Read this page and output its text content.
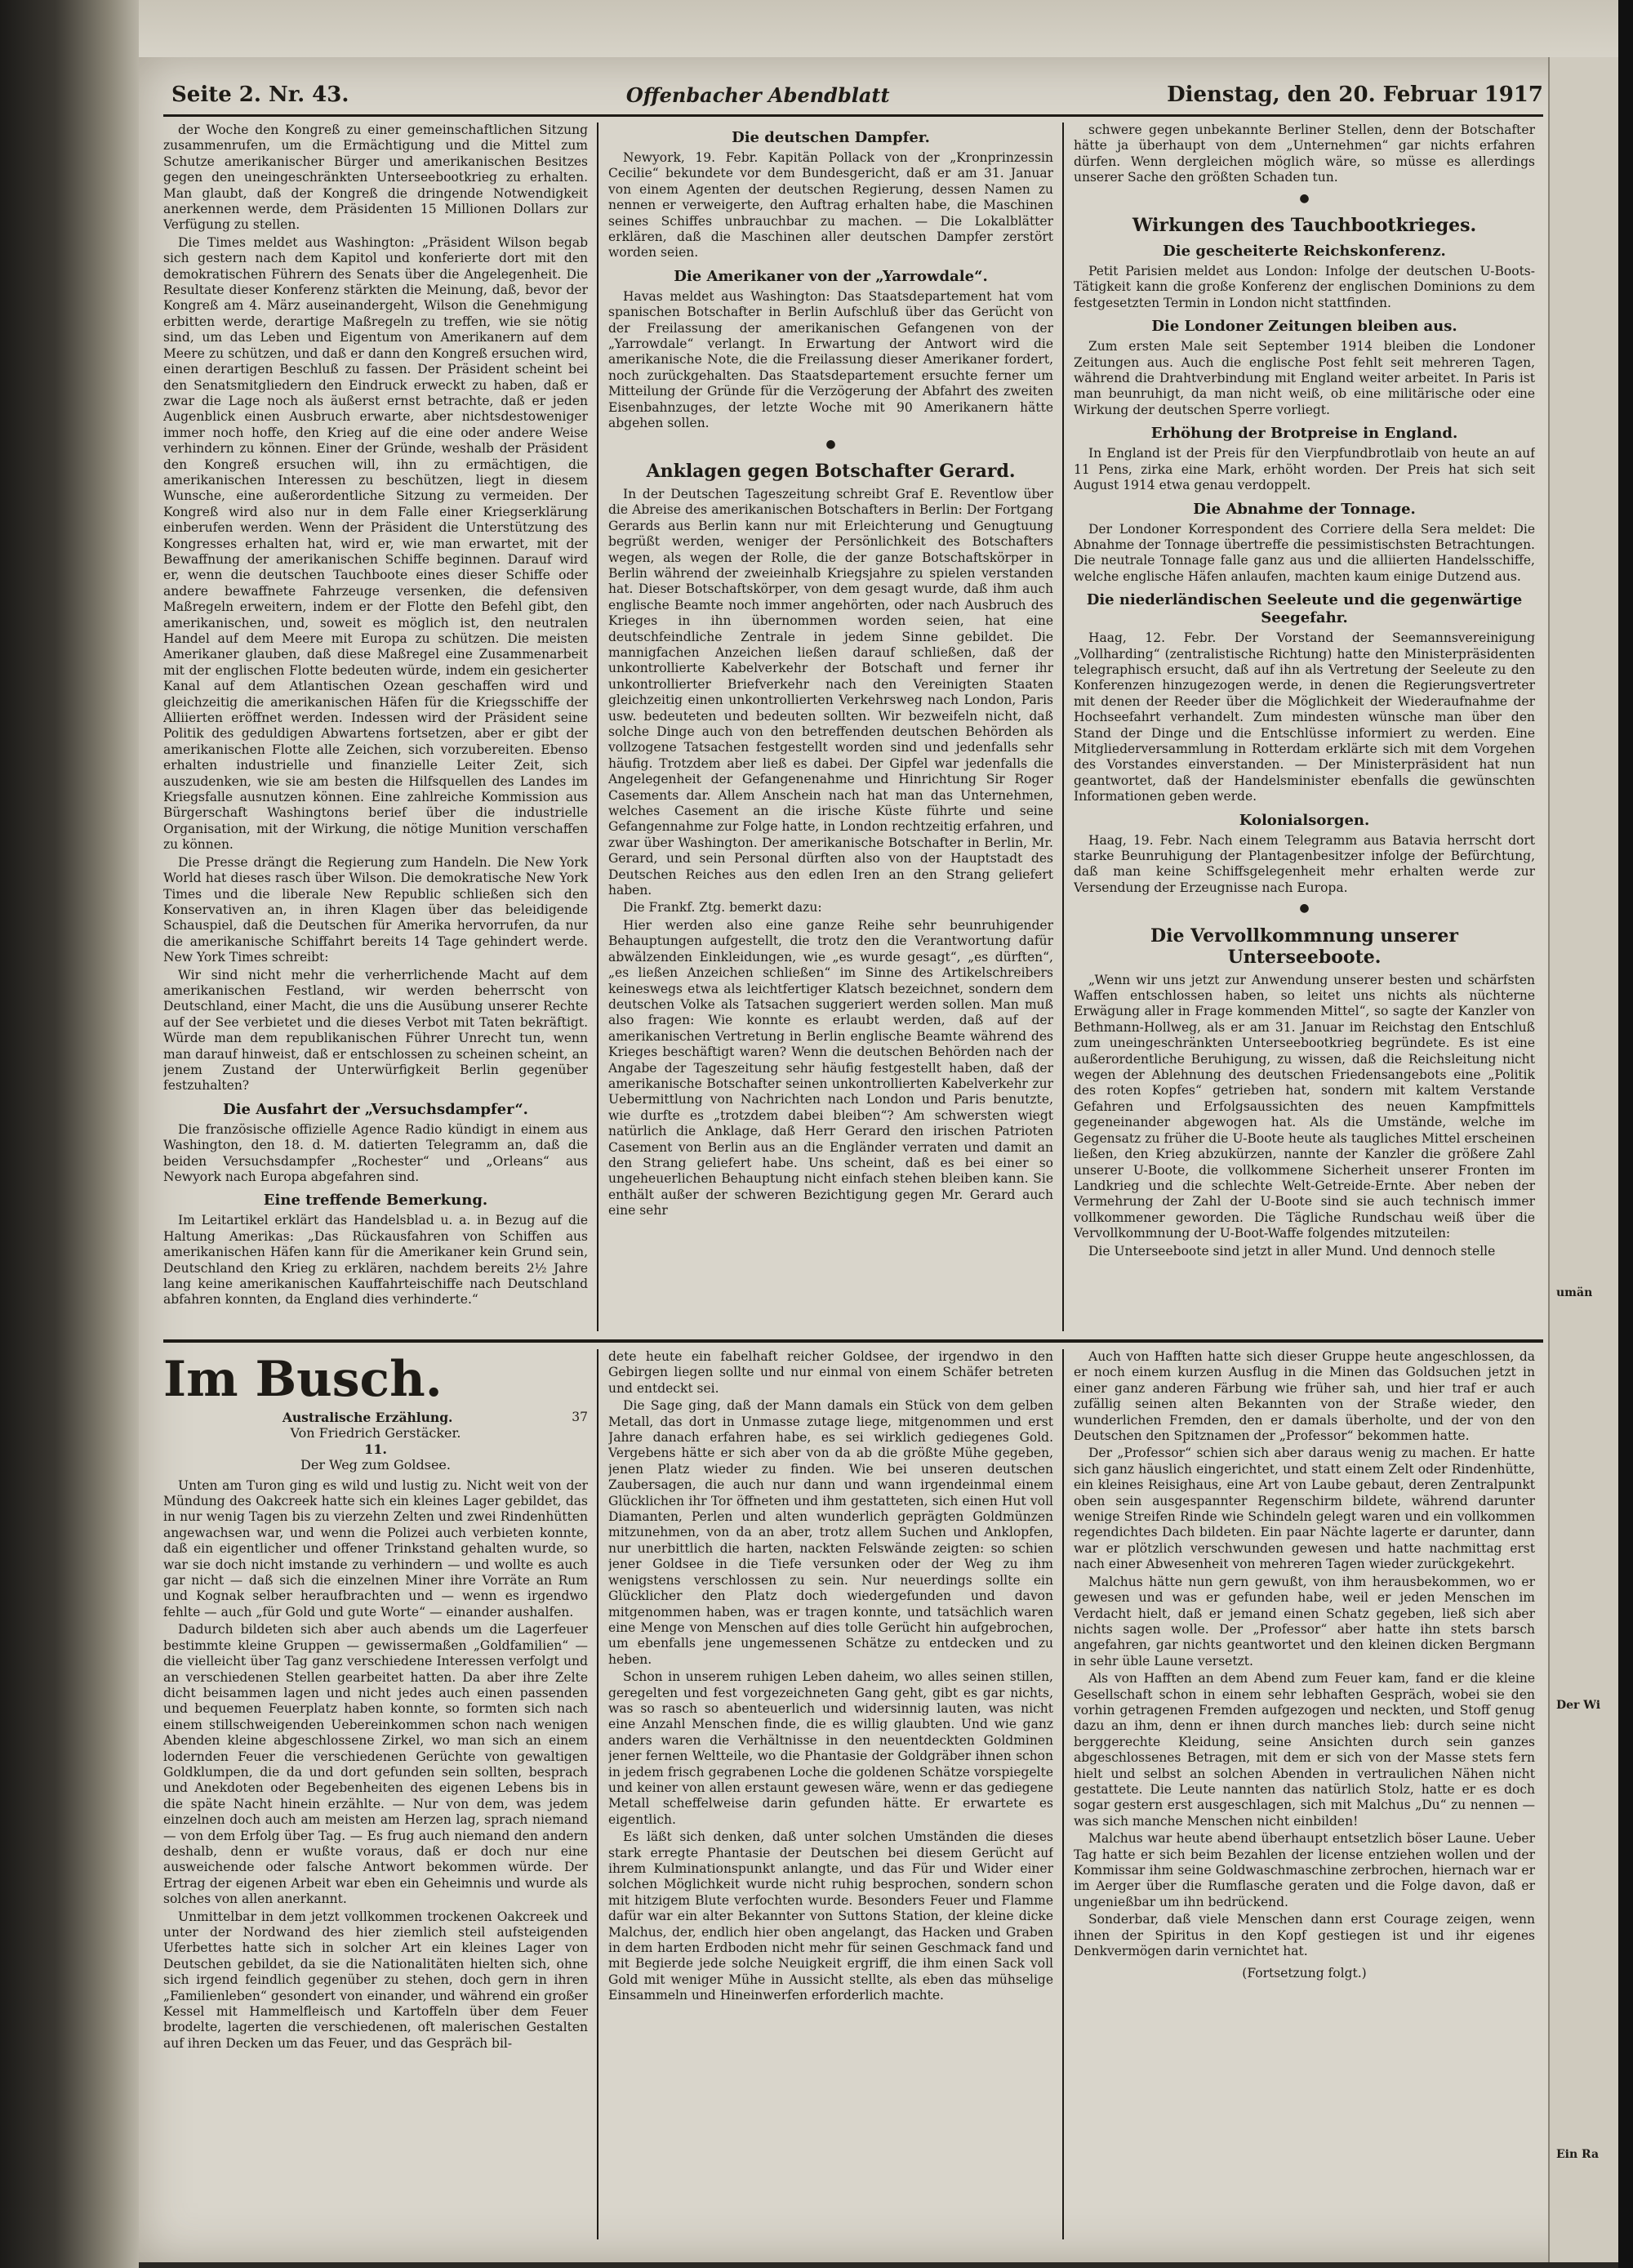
Seite 2. Nr. 43.	Offenbacher Abendblatt	Dienstag, den 20. Februar 1917

der Woche den Kongreß zu einer gemeinschaftlichen Sitzung zusammenrufen, um die Ermächtigung und die Mittel zum Schutze amerikanischer Bürger und amerikanischen Besitzes gegen den uneingeschränkten Unterseebootkrieg zu erhalten. Man glaubt, daß der Kongreß die dringende Notwendigkeit anerkennen werde, dem Präsidenten 15 Millionen Dollars zur Verfügung zu stellen.

Die Times meldet aus Washington: „Präsident Wilson begab sich gestern nach dem Kapitol und konferierte dort mit den demokratischen Führern des Senats über die Angelegenheit. Die Resultate dieser Konferenz stärkten die Meinung, daß, bevor der Kongreß am 4. März auseinandergeht, Wilson die Genehmigung erbitten werde, derartige Maßregeln zu treffen, wie sie nötig sind, um das Leben und Eigentum von Amerikanern auf dem Meere zu schützen, und daß er dann den Kongreß ersuchen wird, einen derartigen Beschluß zu fassen. Der Präsident scheint bei den Senatsmitgliedern den Eindruck erweckt zu haben, daß er zwar die Lage noch als äußerst ernst betrachte, daß er jeden Augenblick einen Ausbruch erwarte, aber nichtsdestoweniger immer noch hoffe, den Krieg auf die eine oder andere Weise verhindern zu können. Einer der Gründe, weshalb der Präsident den Kongreß ersuchen will, ihn zu ermächtigen, die amerikanischen Interessen zu beschützen, liegt in diesem Wunsche, eine außerordentliche Sitzung zu vermeiden. Der Kongreß wird also nur in dem Falle einer Kriegserklärung einberufen werden. Wenn der Präsident die Unterstützung des Kongresses erhalten hat, wird er, wie man erwartet, mit der Bewaffnung der amerikanischen Schiffe beginnen. Darauf wird er, wenn die deutschen Tauchboote eines dieser Schiffe oder andere bewaffnete Fahrzeuge versenken, die defensiven Maßregeln erweitern, indem er der Flotte den Befehl gibt, den amerikanischen, und, soweit es möglich ist, den neutralen Handel auf dem Meere mit Europa zu schützen. Die meisten Amerikaner glauben, daß diese Maßregel eine Zusammenarbeit mit der englischen Flotte bedeuten würde, indem ein gesicherter Kanal auf dem Atlantischen Ozean geschaffen wird und gleichzeitig die amerikanischen Häfen für die Kriegsschiffe der Alliierten eröffnet werden. Indessen wird der Präsident seine Politik des geduldigen Abwartens fortsetzen, aber er gibt der amerikanischen Flotte alle Zeichen, sich vorzubereiten. Ebenso erhalten industrielle und finanzielle Leiter Zeit, sich auszudenken, wie sie am besten die Hilfsquellen des Landes im Kriegsfalle ausnutzen können. Eine zahlreiche Kommission aus Bürgerschaft Washingtons berief über die industrielle Organisation, mit der Wirkung, die nötige Munition verschaffen zu können.

Die Presse drängt die Regierung zum Handeln. Die New York World hat dieses rasch über Wilson. Die demokratische New York Times und die liberale New Republic schließen sich den Konservativen an, in ihren Klagen über das beleidigende Schauspiel, daß die Deutschen für Amerika hervorrufen, da nur die amerikanische Schiffahrt bereits 14 Tage gehindert werde. New York Times schreibt:

Wir sind nicht mehr die verherrlichende Macht auf dem amerikanischen Festland, wir werden beherrscht von Deutschland, einer Macht, die uns die Ausübung unserer Rechte auf der See verbietet und die dieses Verbot mit Taten bekräftigt. Würde man dem republikanischen Führer Unrecht tun, wenn man darauf hinweist, daß er entschlossen zu scheinen scheint, an jenem Zustand der Unterwürfigkeit Berlin gegenüber festzuhalten?

Die Ausfahrt der „Versuchsdampfer“.

Die französische offizielle Agence Radio kündigt in einem aus Washington, den 18. d. M. datierten Telegramm an, daß die beiden Versuchsdampfer „Rochester“ und „Orleans“ aus Newyork nach Europa abgefahren sind.

Eine treffende Bemerkung.

Im Leitartikel erklärt das Handelsblad u. a. in Bezug auf die Haltung Amerikas: „Das Rückausfahren von Schiffen aus amerikanischen Häfen kann für die Amerikaner kein Grund sein, Deutschland den Krieg zu erklären, nachdem bereits 2½ Jahre lang keine amerikanischen Kauffahrteischiffe nach Deutschland abfahren konnten, da England dies verhinderte.“

Die deutschen Dampfer.

Newyork, 19. Febr. Kapitän Pollack von der „Kronprinzessin Cecilie“ bekundete vor dem Bundesgericht, daß er am 31. Januar von einem Agenten der deutschen Regierung, dessen Namen zu nennen er verweigerte, den Auftrag erhalten habe, die Maschinen seines Schiffes unbrauchbar zu machen. — Die Lokalblätter erklären, daß die Maschinen aller deutschen Dampfer zerstört worden seien.

Die Amerikaner von der „Yarrowdale“.

Havas meldet aus Washington: Das Staatsdepartement hat vom spanischen Botschafter in Berlin Aufschluß über das Gerücht von der Freilassung der amerikanischen Gefangenen von der „Yarrowdale“ verlangt. In Erwartung der Antwort wird die amerikanische Note, die die Freilassung dieser Amerikaner fordert, noch zurückgehalten. Das Staatsdepartement ersuchte ferner um Mitteilung der Gründe für die Verzögerung der Abfahrt des zweiten Eisenbahnzuges, der letzte Woche mit 90 Amerikanern hätte abgehen sollen.

●
Anklagen gegen Botschafter Gerard.

In der Deutschen Tageszeitung schreibt Graf E. Reventlow über die Abreise des amerikanischen Botschafters in Berlin: Der Fortgang Gerards aus Berlin kann nur mit Erleichterung und Genugtuung begrüßt werden, weniger der Persönlichkeit des Botschafters wegen, als wegen der Rolle, die der ganze Botschaftskörper in Berlin während der zweieinhalb Kriegsjahre zu spielen verstanden hat. Dieser Botschaftskörper, von dem gesagt wurde, daß ihm auch englische Beamte noch immer angehörten, oder nach Ausbruch des Krieges in ihn übernommen worden seien, hat eine deutschfeindliche Zentrale in jedem Sinne gebildet. Die mannigfachen Anzeichen ließen darauf schließen, daß der unkontrollierte Kabelverkehr der Botschaft und ferner ihr unkontrollierter Briefverkehr nach den Vereinigten Staaten gleichzeitig einen unkontrollierten Verkehrsweg nach London, Paris usw. bedeuteten und bedeuten sollten. Wir bezweifeln nicht, daß solche Dinge auch von den betreffenden deutschen Behörden als vollzogene Tatsachen festgestellt worden sind und jedenfalls sehr häufig. Trotzdem aber ließ es dabei. Der Gipfel war jedenfalls die Angelegenheit der Gefangenenahme und Hinrichtung Sir Roger Casements dar. Allem Anschein nach hat man das Unternehmen, welches Casement an die irische Küste führte und seine Gefangennahme zur Folge hatte, in London rechtzeitig erfahren, und zwar über Washington. Der amerikanische Botschafter in Berlin, Mr. Gerard, und sein Personal dürften also von der Hauptstadt des Deutschen Reiches aus den edlen Iren an den Strang geliefert haben.

Die Frankf. Ztg. bemerkt dazu:

Hier werden also eine ganze Reihe sehr beunruhigender Behauptungen aufgestellt, die trotz den die Verantwortung dafür abwälzenden Einkleidungen, wie „es wurde gesagt“, „es dürften“, „es ließen Anzeichen schließen“ im Sinne des Artikelschreibers keineswegs etwa als leichtfertiger Klatsch bezeichnet, sondern dem deutschen Volke als Tatsachen suggeriert werden sollen. Man muß also fragen: Wie konnte es erlaubt werden, daß auf der amerikanischen Vertretung in Berlin englische Beamte während des Krieges beschäftigt waren? Wenn die deutschen Behörden nach der Angabe der Tageszeitung sehr häufig festgestellt haben, daß der amerikanische Botschafter seinen unkontrollierten Kabelverkehr zur Uebermittlung von Nachrichten nach London und Paris benutzte, wie durfte es „trotzdem dabei bleiben“? Am schwersten wiegt natürlich die Anklage, daß Herr Gerard den irischen Patrioten Casement von Berlin aus an die Engländer verraten und damit an den Strang geliefert habe. Uns scheint, daß es bei einer so ungeheuerlichen Behauptung nicht einfach stehen bleiben kann. Sie enthält außer der schweren Bezichtigung gegen Mr. Gerard auch eine sehr

schwere gegen unbekannte Berliner Stellen, denn der Botschafter hätte ja überhaupt von dem „Unternehmen“ gar nichts erfahren dürfen. Wenn dergleichen möglich wäre, so müsse es allerdings unserer Sache den größten Schaden tun.

●
Wirkungen des Tauchbootkrieges.
Die gescheiterte Reichskonferenz.

Petit Parisien meldet aus London: Infolge der deutschen U-Boots-Tätigkeit kann die große Konferenz der englischen Dominions zu dem festgesetzten Termin in London nicht stattfinden.

Die Londoner Zeitungen bleiben aus.

Zum ersten Male seit September 1914 bleiben die Londoner Zeitungen aus. Auch die englische Post fehlt seit mehreren Tagen, während die Drahtverbindung mit England weiter arbeitet. In Paris ist man beunruhigt, da man nicht weiß, ob eine militärische oder eine Wirkung der deutschen Sperre vorliegt.

Erhöhung der Brotpreise in England.

In England ist der Preis für den Vierpfundbrotlaib von heute an auf 11 Pens, zirka eine Mark, erhöht worden. Der Preis hat sich seit August 1914 etwa genau verdoppelt.

Die Abnahme der Tonnage.

Der Londoner Korrespondent des Corriere della Sera meldet: Die Abnahme der Tonnage übertreffe die pessimistischsten Betrachtungen. Die neutrale Tonnage falle ganz aus und die alliierten Handelsschiffe, welche englische Häfen anlaufen, machten kaum einige Dutzend aus.

Die niederländischen Seeleute und die gegenwärtige Seegefahr.

Haag, 12. Febr. Der Vorstand der Seemannsvereinigung „Vollharding“ (zentralistische Richtung) hatte den Ministerpräsidenten telegraphisch ersucht, daß auf ihn als Vertretung der Seeleute zu den Konferenzen hinzugezogen werde, in denen die Regierungsvertreter mit denen der Reeder über die Möglichkeit der Wiederaufnahme der Hochseefahrt verhandelt. Zum mindesten wünsche man über den Stand der Dinge und die Entschlüsse informiert zu werden. Eine Mitgliederversammlung in Rotterdam erklärte sich mit dem Vorgehen des Vorstandes einverstanden. — Der Ministerpräsident hat nun geantwortet, daß der Handelsminister ebenfalls die gewünschten Informationen geben werde.

Kolonialsorgen.

Haag, 19. Febr. Nach einem Telegramm aus Batavia herrscht dort starke Beunruhigung der Plantagenbesitzer infolge der Befürchtung, daß man keine Schiffsgelegenheit mehr erhalten werde zur Versendung der Erzeugnisse nach Europa.

●
Die Vervollkommnung unserer Unterseeboote.

„Wenn wir uns jetzt zur Anwendung unserer besten und schärfsten Waffen entschlossen haben, so leitet uns nichts als nüchterne Erwägung aller in Frage kommenden Mittel“, so sagte der Kanzler von Bethmann-Hollweg, als er am 31. Januar im Reichstag den Entschluß zum uneingeschränkten Unterseebootkrieg begründete. Es ist eine außerordentliche Beruhigung, zu wissen, daß die Reichsleitung nicht wegen der Ablehnung des deutschen Friedensangebots eine „Politik des roten Kopfes“ getrieben hat, sondern mit kaltem Verstande Gefahren und Erfolgsaussichten des neuen Kampfmittels gegeneinander abgewogen hat. Als die Umstände, welche im Gegensatz zu früher die U-Boote heute als taugliches Mittel erscheinen ließen, den Krieg abzukürzen, nannte der Kanzler die größere Zahl unserer U-Boote, die vollkommene Sicherheit unserer Fronten im Landkrieg und die schlechte Welt-Getreide-Ernte. Aber neben der Vermehrung der Zahl der U-Boote sind sie auch technisch immer vollkommener geworden. Die Tägliche Rundschau weiß über die Vervollkommnung der U-Boot-Waffe folgendes mitzuteilen:

Die Unterseeboote sind jetzt in aller Mund. Und dennoch stelle

Im Busch.
Australische Erzählung.	37
Von Friedrich Gerstäcker.
11.
Der Weg zum Goldsee.

Unten am Turon ging es wild und lustig zu. Nicht weit von der Mündung des Oakcreek hatte sich ein kleines Lager gebildet, das in nur wenig Tagen bis zu vierzehn Zelten und zwei Rindenhütten angewachsen war, und wenn die Polizei auch verbieten konnte, daß ein eigentlicher und offener Trinkstand gehalten wurde, so war sie doch nicht imstande zu verhindern — und wollte es auch gar nicht — daß sich die einzelnen Miner ihre Vorräte an Rum und Kognak selber heraufbrachten und — wenn es irgendwo fehlte — auch „für Gold und gute Worte“ — einander aushalfen.

Dadurch bildeten sich aber auch abends um die Lagerfeuer bestimmte kleine Gruppen — gewissermaßen „Goldfamilien“ — die vielleicht über Tag ganz verschiedene Interessen verfolgt und an verschiedenen Stellen gearbeitet hatten. Da aber ihre Zelte dicht beisammen lagen und nicht jedes auch einen passenden und bequemen Feuerplatz haben konnte, so formten sich nach einem stillschweigenden Uebereinkommen schon nach wenigen Abenden kleine abgeschlossene Zirkel, wo man sich an einem lodernden Feuer die verschiedenen Gerüchte von gewaltigen Goldklumpen, die da und dort gefunden sein sollten, besprach und Anekdoten oder Begebenheiten des eigenen Lebens bis in die späte Nacht hinein erzählte. — Nur von dem, was jedem einzelnen doch auch am meisten am Herzen lag, sprach niemand — von dem Erfolg über Tag. — Es frug auch niemand den andern deshalb, denn er wußte voraus, daß er doch nur eine ausweichende oder falsche Antwort bekommen würde. Der Ertrag der eigenen Arbeit war eben ein Geheimnis und wurde als solches von allen anerkannt.

Unmittelbar in dem jetzt vollkommen trockenen Oakcreek und unter der Nordwand des hier ziemlich steil aufsteigenden Uferbettes hatte sich in solcher Art ein kleines Lager von Deutschen gebildet, da sie die Nationalitäten hielten sich, ohne sich irgend feindlich gegenüber zu stehen, doch gern in ihren „Familienleben“ gesondert von einander, und während ein großer Kessel mit Hammelfleisch und Kartoffeln über dem Feuer brodelte, lagerten die verschiedenen, oft malerischen Gestalten auf ihren Decken um das Feuer, und das Gespräch bil-

dete heute ein fabelhaft reicher Goldsee, der irgendwo in den Gebirgen liegen sollte und nur einmal von einem Schäfer betreten und entdeckt sei.

Die Sage ging, daß der Mann damals ein Stück von dem gelben Metall, das dort in Unmasse zutage liege, mitgenommen und erst Jahre danach erfahren habe, es sei wirklich gediegenes Gold. Vergebens hätte er sich aber von da ab die größte Mühe gegeben, jenen Platz wieder zu finden. Wie bei unseren deutschen Zaubersagen, die auch nur dann und wann irgendeinmal einem Glücklichen ihr Tor öffneten und ihm gestatteten, sich einen Hut voll Diamanten, Perlen und alten wunderlich geprägten Goldmünzen mitzunehmen, von da an aber, trotz allem Suchen und Anklopfen, nur unerbittlich die harten, nackten Felswände zeigten: so schien jener Goldsee in die Tiefe versunken oder der Weg zu ihm wenigstens verschlossen zu sein. Nur neuerdings sollte ein Glücklicher den Platz doch wiedergefunden und davon mitgenommen haben, was er tragen konnte, und tatsächlich waren eine Menge von Menschen auf dies tolle Gerücht hin aufgebrochen, um ebenfalls jene ungemessenen Schätze zu entdecken und zu heben.

Schon in unserem ruhigen Leben daheim, wo alles seinen stillen, geregelten und fest vorgezeichneten Gang geht, gibt es gar nichts, was so rasch so abenteuerlich und widersinnig lauten, was nicht eine Anzahl Menschen finde, die es willig glaubten. Und wie ganz anders waren die Verhältnisse in den neuentdeckten Goldminen jener fernen Weltteile, wo die Phantasie der Goldgräber ihnen schon in jedem frisch gegrabenen Loche die goldenen Schätze vorspiegelte und keiner von allen erstaunt gewesen wäre, wenn er das gediegene Metall scheffelweise darin gefunden hätte. Er erwartete es eigentlich.

Es läßt sich denken, daß unter solchen Umständen die dieses stark erregte Phantasie der Deutschen bei diesem Gerücht auf ihrem Kulminationspunkt anlangte, und das Für und Wider einer solchen Möglichkeit wurde nicht ruhig besprochen, sondern schon mit hitzigem Blute verfochten wurde. Besonders Feuer und Flamme dafür war ein alter Bekannter von Suttons Station, der kleine dicke Malchus, der, endlich hier oben angelangt, das Hacken und Graben in dem harten Erdboden nicht mehr für seinen Geschmack fand und mit Begierde jede solche Neuigkeit ergriff, die ihm einen Sack voll Gold mit weniger Mühe in Aussicht stellte, als eben das mühselige Einsammeln und Hineinwerfen erforderlich machte.

Auch von Hafften hatte sich dieser Gruppe heute angeschlossen, da er noch einem kurzen Ausflug in die Minen das Goldsuchen jetzt in einer ganz anderen Färbung wie früher sah, und hier traf er auch zufällig seinen alten Bekannten von der Straße wieder, den wunderlichen Fremden, den er damals überholte, und der von den Deutschen den Spitznamen der „Professor“ bekommen hatte.

Der „Professor“ schien sich aber daraus wenig zu machen. Er hatte sich ganz häuslich eingerichtet, und statt einem Zelt oder Rindenhütte, ein kleines Reisighaus, eine Art von Laube gebaut, deren Zentralpunkt oben sein ausgespannter Regenschirm bildete, während darunter wenige Streifen Rinde wie Schindeln gelegt waren und ein vollkommen regendichtes Dach bildeten. Ein paar Nächte lagerte er darunter, dann war er plötzlich verschwunden gewesen und hatte nachmittag erst nach einer Abwesenheit von mehreren Tagen wieder zurückgekehrt.

Malchus hätte nun gern gewußt, von ihm herausbekommen, wo er gewesen und was er gefunden habe, weil er jeden Menschen im Verdacht hielt, daß er jemand einen Schatz gegeben, ließ sich aber nichts sagen wolle. Der „Professor“ aber hatte ihn stets barsch angefahren, gar nichts geantwortet und den kleinen dicken Bergmann in sehr üble Laune versetzt.

Als von Hafften an dem Abend zum Feuer kam, fand er die kleine Gesellschaft schon in einem sehr lebhaften Gespräch, wobei sie den vorhin getragenen Fremden aufgezogen und neckten, und Stoff genug dazu an ihm, denn er ihnen durch manches lieb: durch seine nicht berggerechte Kleidung, seine Ansichten durch sein ganzes abgeschlossenes Betragen, mit dem er sich von der Masse stets fern hielt und selbst an solchen Abenden in vertraulichen Nähen nicht gestattete. Die Leute nannten das natürlich Stolz, hatte er es doch sogar gestern erst ausgeschlagen, sich mit Malchus „Du“ zu nennen — was sich manche Menschen nicht einbilden!

Malchus war heute abend überhaupt entsetzlich böser Laune. Ueber Tag hatte er sich beim Bezahlen der license entziehen wollen und der Kommissar ihm seine Goldwaschmaschine zerbrochen, hiernach war er im Aerger über die Rumflasche geraten und die Folge davon, daß er ungenießbar um ihn bedrückend.

Sonderbar, daß viele Menschen dann erst Courage zeigen, wenn ihnen der Spiritus in den Kopf gestiegen ist und ihr eigenes Denkvermögen darin vernichtet hat.

(Fortsetzung folgt.)
umän
Der Wi
Ein Ra
